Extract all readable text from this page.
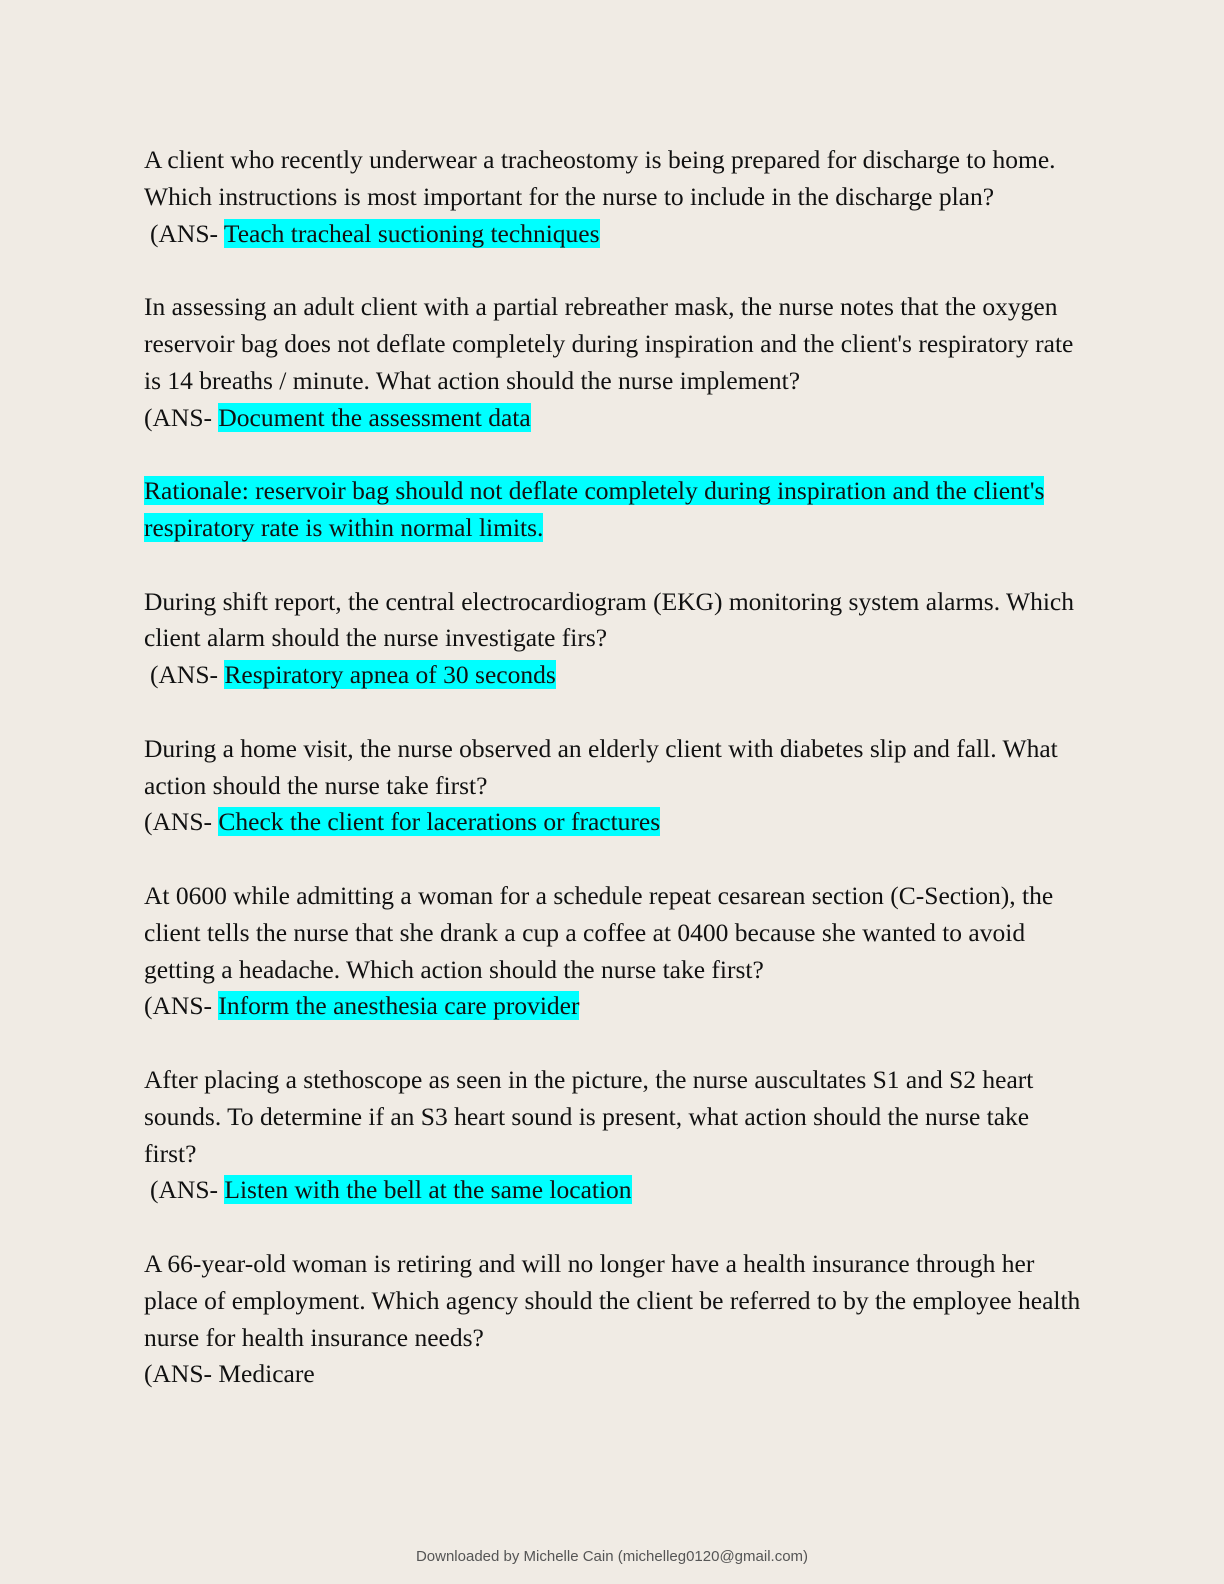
A client who recently underwear a tracheostomy is being prepared for discharge to home. Which instructions is most important for the nurse to include in the discharge plan?

(ANS- Teach tracheal suctioning techniques

In assessing an adult client with a partial rebreather mask, the nurse notes that the oxygen reservoir bag does not deflate completely during inspiration and the client's respiratory rate is 14 breaths / minute. What action should the nurse implement?

(ANS- Document the assessment data

Rationale: reservoir bag should not deflate completely during inspiration and the client's respiratory rate is within normal limits.

During shift report, the central electrocardiogram (EKG) monitoring system alarms. Which client alarm should the nurse investigate firs?

(ANS- Respiratory apnea of 30 seconds

During a home visit, the nurse observed an elderly client with diabetes slip and fall. What action should the nurse take first?

(ANS- Check the client for lacerations or fractures

At 0600 while admitting a woman for a schedule repeat cesarean section (C-Section), the client tells the nurse that she drank a cup a coffee at 0400 because she wanted to avoid getting a headache. Which action should the nurse take first?

(ANS- Inform the anesthesia care provider

After placing a stethoscope as seen in the picture, the nurse auscultates S1 and S2 heart sounds. To determine if an S3 heart sound is present, what action should the nurse take first?

(ANS- Listen with the bell at the same location

A 66-year-old woman is retiring and will no longer have a health insurance through her place of employment. Which agency should the client be referred to by the employee health nurse for health insurance needs?

(ANS- Medicare

Downloaded by Michelle Cain (michelleg0120@gmail.com)
